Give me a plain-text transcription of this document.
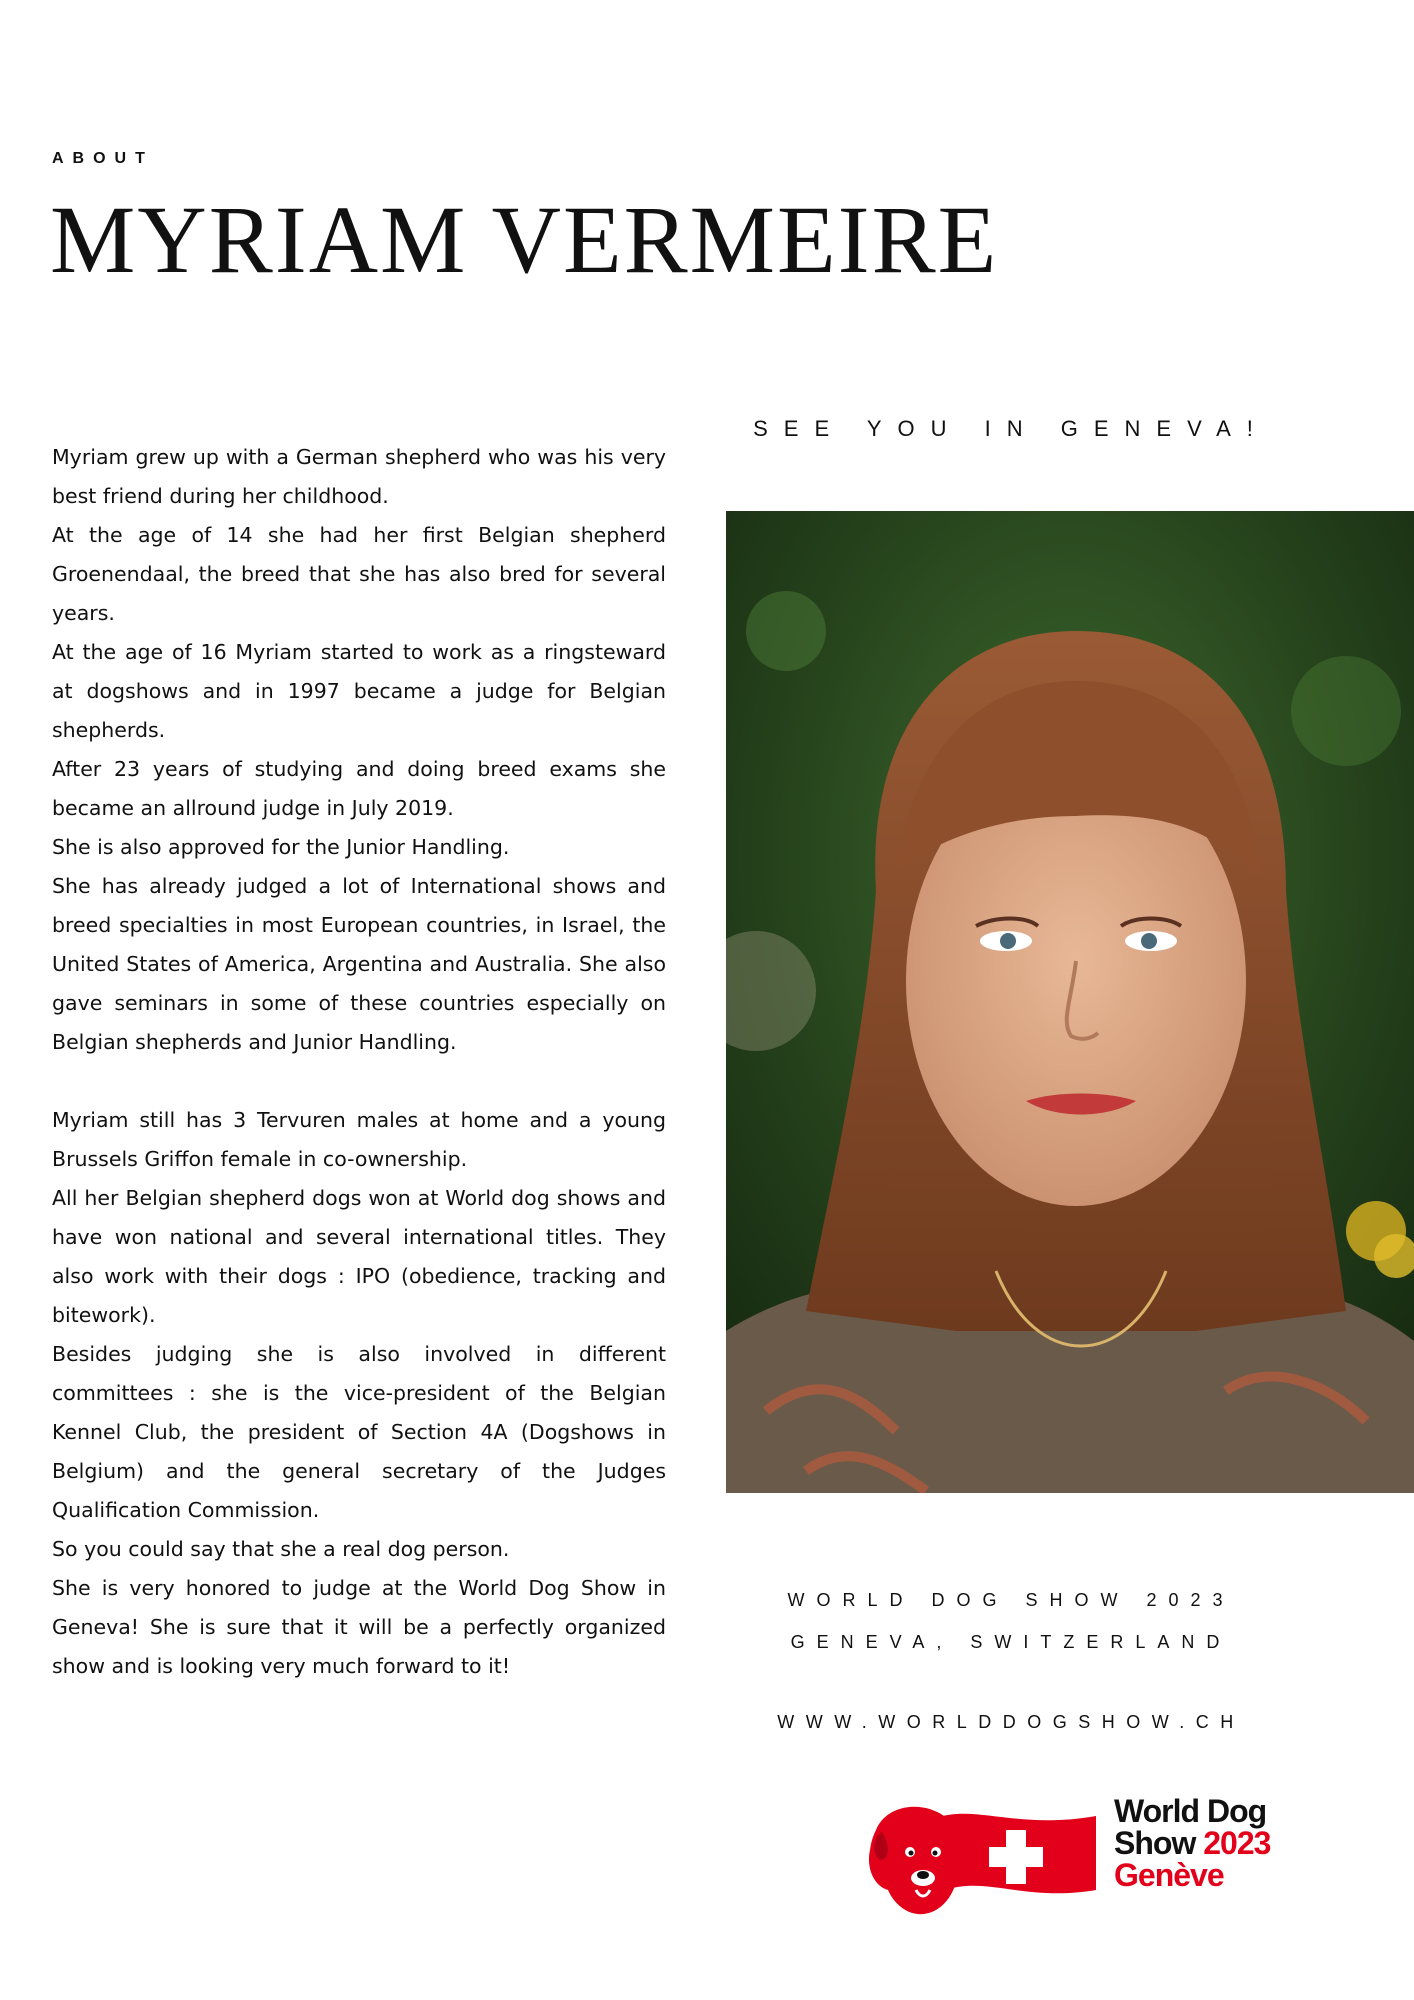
ABOUT
MYRIAM VERMEIRE

Myriam grew up with a German shepherd who was his very best friend during her childhood.

At the age of 14 she had her first Belgian shepherd Groenendaal, the breed that she has also bred for several years.

At the age of 16 Myriam started to work as a ringsteward at dogshows and in 1997 became a judge for Belgian shepherds.

After 23 years of studying and doing breed exams she became an allround judge in July 2019.

She is also approved for the Junior Handling.

She has already judged a lot of International shows and breed specialties in most European countries, in Israel, the United States of America, Argentina and Australia. She also gave seminars in some of these countries especially on Belgian shepherds and Junior Handling.

Myriam still has 3 Tervuren males at home and a young Brussels Griffon female in co-ownership.

All her Belgian shepherd dogs won at World dog shows and have won national and several international titles. They also work with their dogs : IPO (obedience, tracking and bitework).

Besides judging she is also involved in different committees : she is the vice-president of the Belgian Kennel Club, the president of Section 4A (Dogshows in Belgium) and the general secretary of the Judges Qualification Commission.

So you could say that she a real dog person.

She is very honored to judge at the World Dog Show in Geneva! She is sure that it will be a perfectly organized show and is looking very much forward to it!

SEE YOU IN GENEVA!
WORLD DOG SHOW 2023
GENEVA, SWITZERLAND
WWW.WORLDDOGSHOW.CH
World Dog
Show 2023
Genève
